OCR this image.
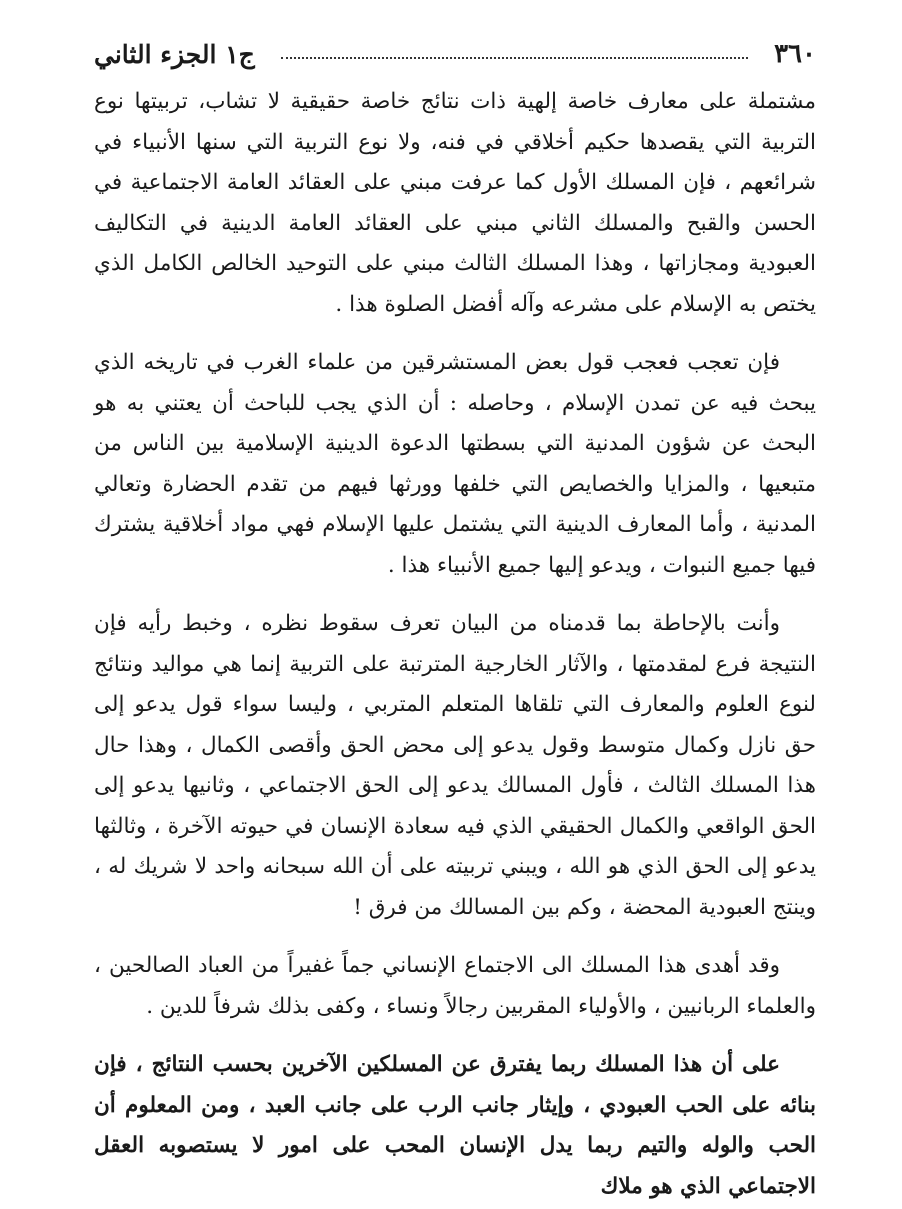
٣٦٠
ج١ الجزء الثاني

مشتملة على معارف خاصة إلهية ذات نتائج خاصة حقيقية لا تشاب، تربيتها نوع التربية التي يقصدها حكيم أخلاقي في فنه، ولا نوع التربية التي سنها الأنبياء في شرائعهم ، فإن المسلك الأول كما عرفت مبني على العقائد العامة الاجتماعية في الحسن والقبح والمسلك الثاني مبني على العقائد العامة الدينية في التكاليف العبودية ومجازاتها ، وهذا المسلك الثالث مبني على التوحيد الخالص الكامل الذي يختص به الإسلام على مشرعه وآله أفضل الصلوة هذا .

فإن تعجب فعجب قول بعض المستشرقين من علماء الغرب في تاريخه الذي يبحث فيه عن تمدن الإسلام ، وحاصله : أن الذي يجب للباحث أن يعتني به هو البحث عن شؤون المدنية التي بسطتها الدعوة الدينية الإسلامية بين الناس من متبعيها ، والمزايا والخصايص التي خلفها وورثها فيهم من تقدم الحضارة وتعالي المدنية ، وأما المعارف الدينية التي يشتمل عليها الإسلام فهي مواد أخلاقية يشترك فيها جميع النبوات ، ويدعو إليها جميع الأنبياء هذا .

وأنت بالإحاطة بما قدمناه من البيان تعرف سقوط نظره ، وخبط رأيه فإن النتيجة فرع لمقدمتها ، والآثار الخارجية المترتبة على التربية إنما هي مواليد ونتائج لنوع العلوم والمعارف التي تلقاها المتعلم المتربي ، وليسا سواء قول يدعو إلى حق نازل وكمال متوسط وقول يدعو إلى محض الحق وأقصى الكمال ، وهذا حال هذا المسلك الثالث ، فأول المسالك يدعو إلى الحق الاجتماعي ، وثانيها يدعو إلى الحق الواقعي والكمال الحقيقي الذي فيه سعادة الإنسان في حيوته الآخرة ، وثالثها يدعو إلى الحق الذي هو الله ، ويبني تربيته على أن الله سبحانه واحد لا شريك له ، وينتج العبودية المحضة ، وكم بين المسالك من فرق !

وقد أهدى هذا المسلك الى الاجتماع الإنساني جماً غفيراً من العباد الصالحين ، والعلماء الربانيين ، والأولياء المقربين رجالاً ونساء ، وكفى بذلك شرفاً للدين .

على أن هذا المسلك ربما يفترق عن المسلكين الآخرين بحسب النتائج ، فإن بنائه على الحب العبودي ، وإيثار جانب الرب على جانب العبد ، ومن المعلوم أن الحب والوله والتيم ربما يدل الإنسان المحب على امور لا يستصوبه العقل الاجتماعي الذي هو ملاك
